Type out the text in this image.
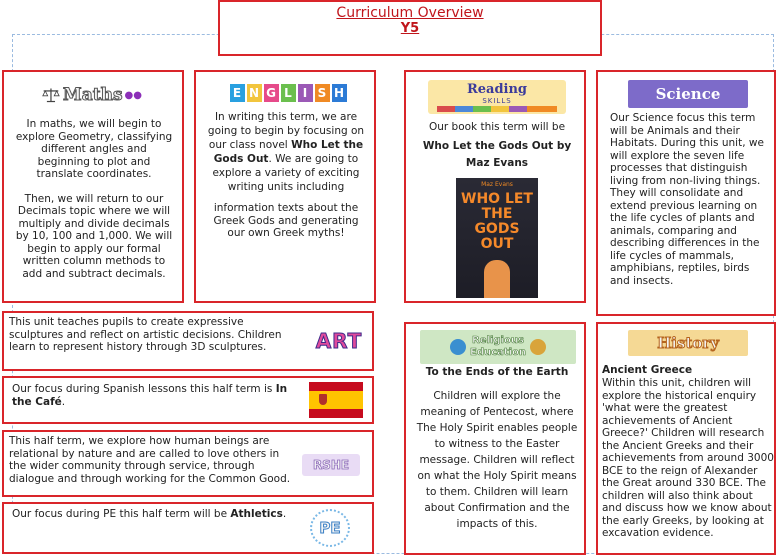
Curriculum Overview
Y5
Maths ●●

In maths, we will begin to explore Geometry, classifying different angles and beginning to plot and translate coordinates.

Then, we will return to our Decimals topic where we will multiply and divide decimals by 10, 100 and 1,000. We will begin to apply our formal written column methods to add and subtract decimals.

E N G L I S H

In writing this term, we are going to begin by focusing on our class novel Who Let the Gods Out. We are going to explore a variety of exciting writing units including

information texts about the Greek Gods and generating our own Greek myths!

Reading
SKILLS

Our book this term will be

Who Let the Gods Out by Maz Evans

Maz Evans
WHO LET THE GODS OUT
Science

Our Science focus this term will be Animals and their Habitats. During this unit, we will explore the seven life processes that distinguish living from non-living things. They will consolidate and extend previous learning on the life cycles of plants and animals, comparing and describing differences in the life cycles of mammals, amphibians, reptiles, birds and insects.

This unit teaches pupils to create expressive sculptures and reflect on artistic decisions. Children learn to represent history through 3D sculptures.	ART

Our focus during Spanish lessons this half term is In the Café.

This half term, we explore how human beings are relational by nature and are called to love others in the wider community through service, through dialogue and through working for the Common Good.

RSHE

Our focus during PE this half term will be Athletics.

PE
Religious
Education

To the Ends of the Earth

Children will explore the meaning of Pentecost, where The Holy Spirit enables people to witness to the Easter message. Children will reflect on what the Holy Spirit means to them. Children will learn about Confirmation and the impacts of this.

History

Ancient Greece

Within this unit, children will explore the historical enquiry 'what were the greatest achievements of Ancient Greece?' Children will research the Ancient Greeks and their achievements from around 3000 BCE to the reign of Alexander the Great around 330 BCE. The children will also think about and discuss how we know about the early Greeks, by looking at excavation evidence.
